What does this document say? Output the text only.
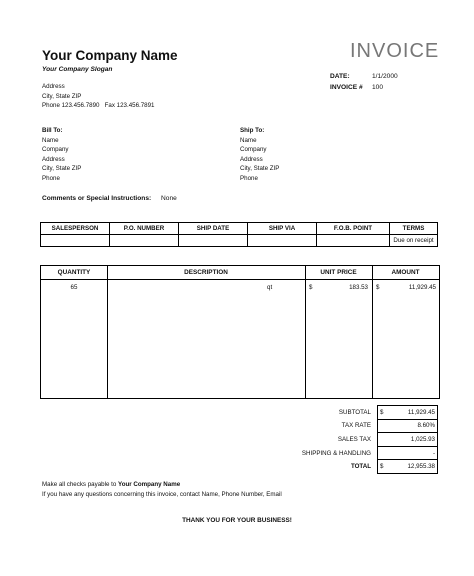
Your Company Name
Your Company Slogan
Address
City, State ZIP
Phone 123.456.7890   Fax 123.456.7891
INVOICE
DATE:	1/1/2000
INVOICE # 100
Bill To:
Name
Company
Address
City, State ZIP
Phone
Ship To:
Name
Company
Address
City, State ZIP
Phone
Comments or Special Instructions: None
SALESPERSON	P.O. NUMBER	SHIP DATE	SHIP VIA	F.O.B. POINT	TERMS
					Due on receipt
QUANTITY	DESCRIPTION	UNIT PRICE	AMOUNT
65	qt	$	183.53 $	11,929.45
SUBTOTAL	$	11,929.45
TAX RATE		8.60%
SALES TAX		1,025.93
SHIPPING & HANDLING		-
TOTAL	$	12,955.38
Make all checks payable to Your Company Name
If you have any questions concerning this invoice, contact Name, Phone Number, Email
THANK YOU FOR YOUR BUSINESS!
